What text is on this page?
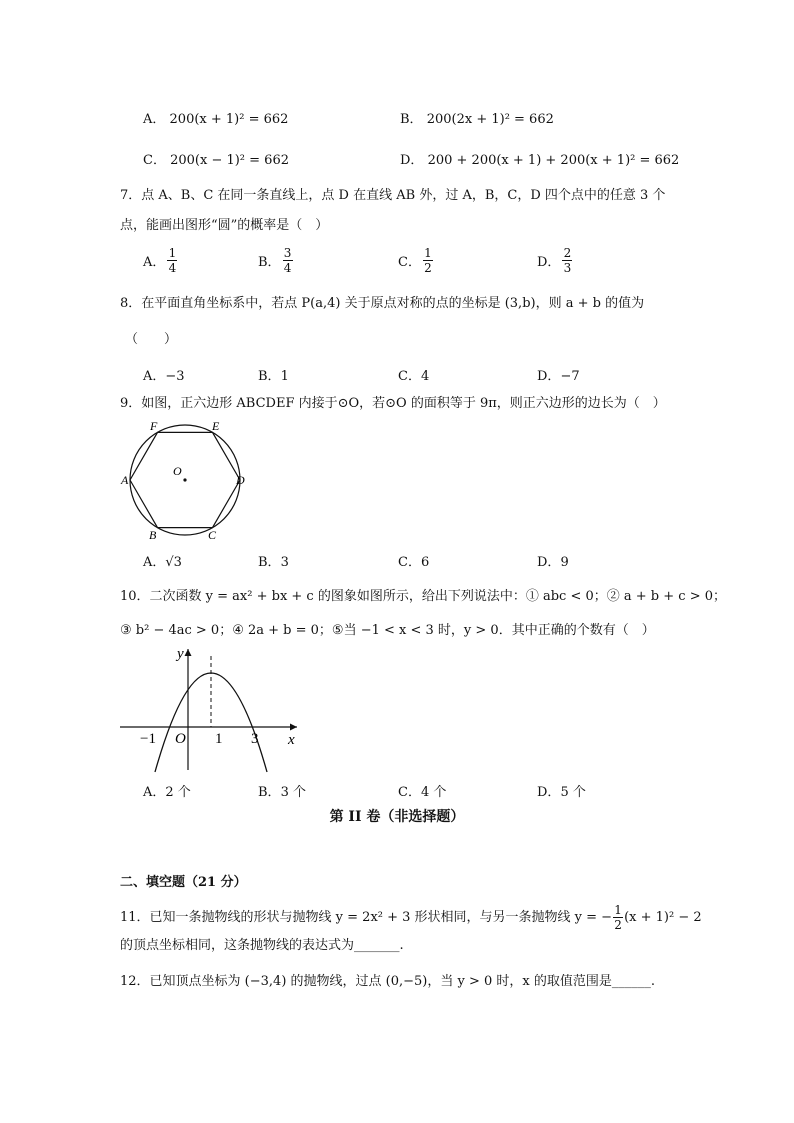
A． 200(x + 1)² = 662	B． 200(2x + 1)² = 662
C． 200(x − 1)² = 662	D． 200 + 200(x + 1) + 200(x + 1)² = 662
7．点 A、B、C 在同一条直线上，点 D 在直线 AB 外，过 A，B，C，D 四个点中的任意 3 个
点，能画出图形“圆”的概率是（　）
A．
1
4	B．
3
4	C．
1
2	D．
2
3
8．在平面直角坐标系中，若点 P(a,4) 关于原点对称的点的坐标是 (3,b)，则 a + b 的值为
（　　）
A．−3	B．1	C．4	D．−7
9．如图，正六边形 ABCDEF 内接于⊙O，若⊙O 的面积等于 9π，则正六边形的边长为（　）
A
B	C
D
E
F
O
A．√3	B．3	C．6	D．9
10．二次函数 y = ax² + bx + c 的图象如图所示，给出下列说法中：① abc < 0；② a + b + c > 0；
③ b² − 4ac > 0；④ 2a + b = 0；⑤当 −1 < x < 3 时，y > 0．其中正确的个数有（　）
y
x
O
−1	1 3
A．2 个	B．3 个	C．4 个	D．5 个
第 II 卷（非选择题）
二、填空题（21 分）
11．已知一条抛物线的形状与抛物线 y = 2x² + 3 形状相同，与另一条抛物线 y = − 1
2
(x + 1)² − 2
的顶点坐标相同，这条抛物线的表达式为_______.
12．已知顶点坐标为 (−3,4) 的抛物线，过点 (0,−5)，当 y > 0 时，x 的取值范围是______.
